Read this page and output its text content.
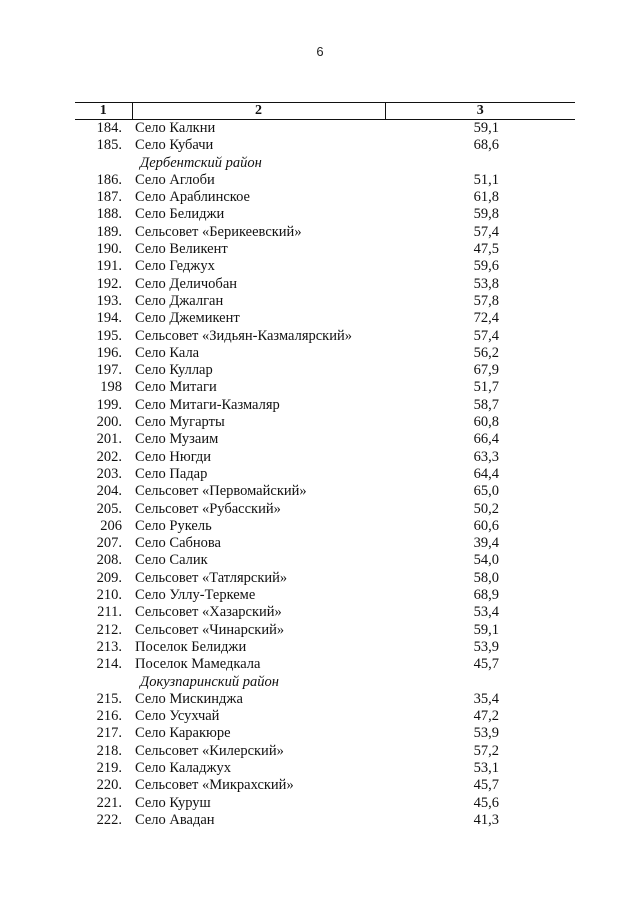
6
1	2	3
184.	Село Калкни	59,1
185.	Село Кубачи	68,6
Дербентский район		
186.	Село Аглоби	51,1
187.	Село Араблинское	61,8
188.	Село Белиджи	59,8
189.	Сельсовет «Берикеевский»	57,4
190.	Село Великент	47,5
191.	Село Геджух	59,6
192.	Село Деличобан	53,8
193.	Село Джалган	57,8
194.	Село Джемикент	72,4
195.	Сельсовет «Зидьян-Казмалярский»	57,4
196.	Село Кала	56,2
197.	Село Куллар	67,9
198	Село Митаги	51,7
199.	Село Митаги-Казмаляр	58,7
200.	Село Мугарты	60,8
201.	Село Музаим	66,4
202.	Село Нюгди	63,3
203.	Село Падар	64,4
204.	Сельсовет «Первомайский»	65,0
205.	Сельсовет «Рубасский»	50,2
206	Село Рукель	60,6
207.	Село Сабнова	39,4
208.	Село Салик	54,0
209.	Сельсовет «Татлярский»	58,0
210.	Село Уллу-Теркеме	68,9
211.	Сельсовет «Хазарский»	53,4
212.	Сельсовет «Чинарский»	59,1
213.	Поселок Белиджи	53,9
214.	Поселок Мамедкала	45,7
Докузпаринский район		
215.	Село Мискинджа	35,4
216.	Село Усухчай	47,2
217.	Село Каракюре	53,9
218.	Сельсовет «Килерский»	57,2
219.	Село Каладжух	53,1
220.	Сельсовет «Микрахский»	45,7
221.	Село Куруш	45,6
222.	Село Авадан	41,3
